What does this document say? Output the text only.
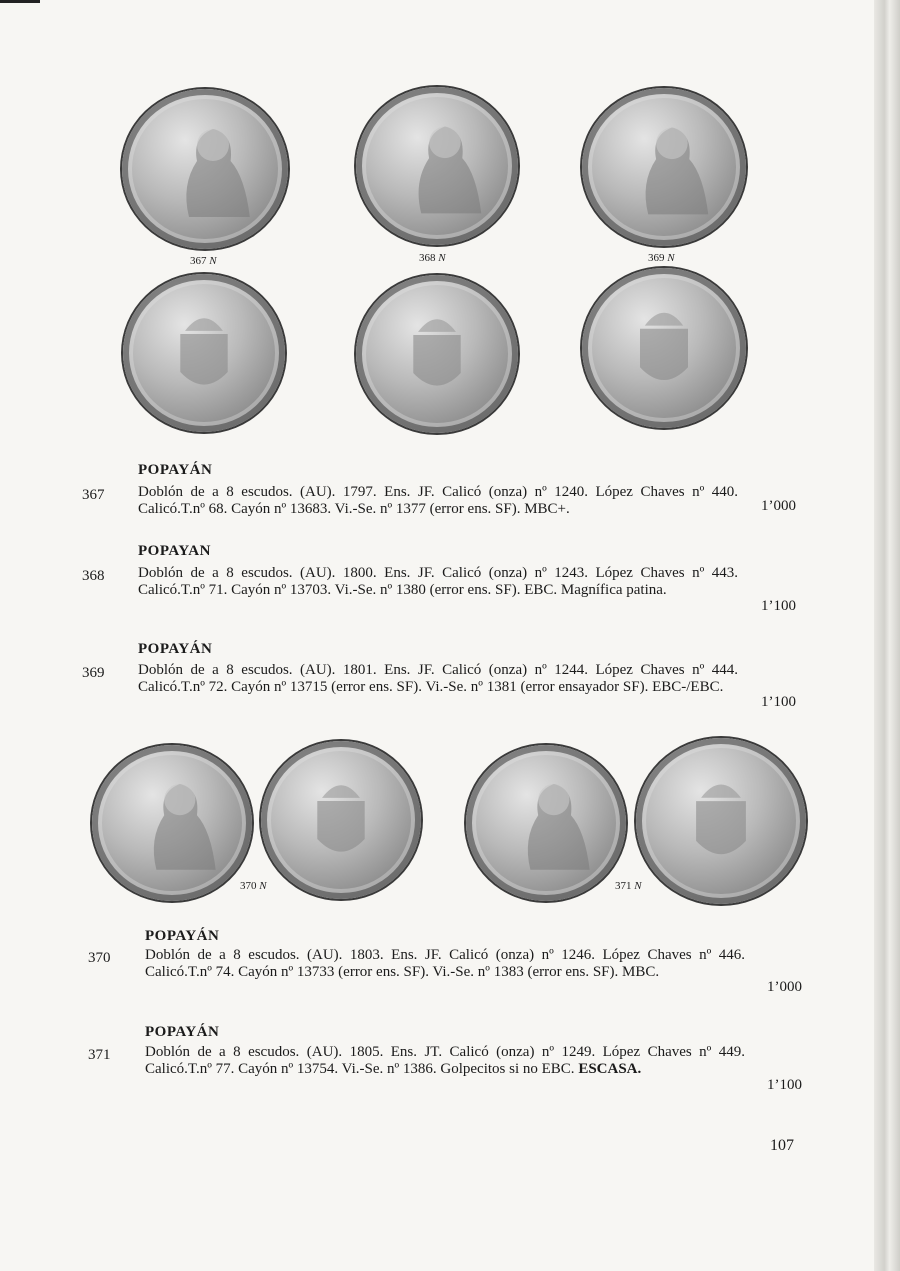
367 N	368 N	369 N
POPAYÁN
367 Doblón de a 8 escudos. (AU). 1797. Ens. JF. Calicó (onza) nº 1240. López Chaves nº 440. Calicó.T.nº 68. Cayón nº 13683. Vi.-Se. nº 1377 (error ens. SF). MBC+.	1’000
POPAYAN
368 Doblón de a 8 escudos. (AU). 1800. Ens. JF. Calicó (onza) nº 1243. López Chaves nº 443. Calicó.T.nº 71. Cayón nº 13703. Vi.-Se. nº 1380 (error ens. SF). EBC. Magnífica patina.
1’100
POPAYÁN
369 Doblón de a 8 escudos. (AU). 1801. Ens. JF. Calicó (onza) nº 1244. López Chaves nº 444. Calicó.T.nº 72. Cayón nº 13715 (error ens. SF). Vi.-Se. nº 1381 (error ensayador SF). EBC-/EBC.
1’100
370 N	371 N
POPAYÁN
370 Doblón de a 8 escudos. (AU). 1803. Ens. JF. Calicó (onza) nº 1246. López Chaves nº 446. Calicó.T.nº 74. Cayón nº 13733 (error ens. SF). Vi.-Se. nº 1383 (error ens. SF). MBC.
1’000
POPAYÁN
371 Doblón de a 8 escudos. (AU). 1805. Ens. JT. Calicó (onza) nº 1249. López Chaves nº 449. Calicó.T.nº 77. Cayón nº 13754. Vi.-Se. nº 1386. Golpecitos si no EBC. ESCASA.
1’100
107
